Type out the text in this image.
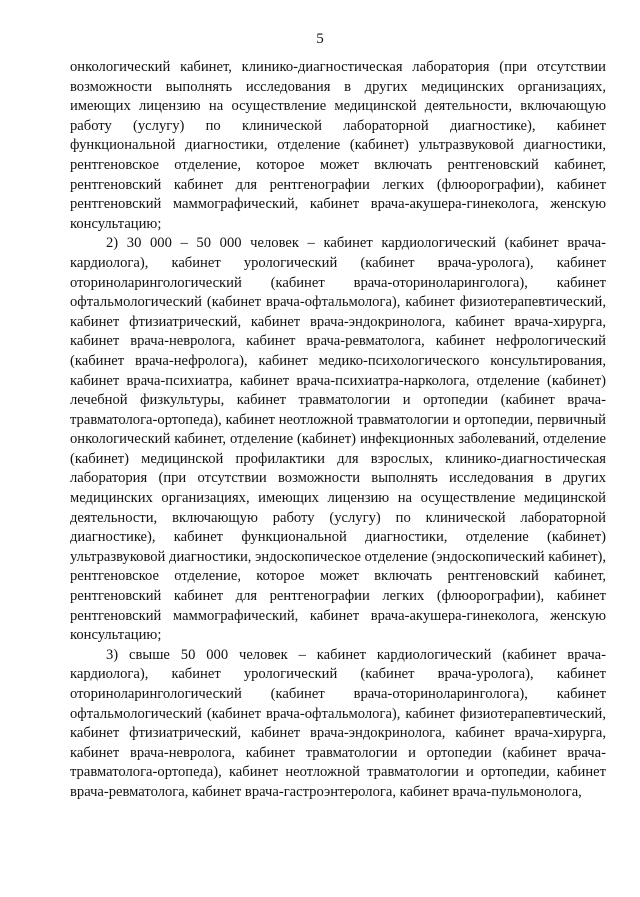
5

онкологический кабинет, клинико-диагностическая лаборатория (при отсутствии возможности выполнять исследования в других медицинских организациях, имеющих лицензию на осуществление медицинской деятельности, включающую работу (услугу) по клинической лабораторной диагностике), кабинет функциональной диагностики, отделение (кабинет) ультразвуковой диагностики, рентгеновское отделение, которое может включать рентгеновский кабинет, рентгеновский кабинет для рентгенографии легких (флюорографии), кабинет рентгеновский маммографический, кабинет врача-акушера-гинеколога, женскую консультацию;

2) 30 000 – 50 000 человек – кабинет кардиологический (кабинет врача-кардиолога), кабинет урологический (кабинет врача-уролога), кабинет оториноларингологический (кабинет врача-оториноларинголога), кабинет офтальмологический (кабинет врача-офтальмолога), кабинет физиотерапевтический, кабинет фтизиатрический, кабинет врача-эндокринолога, кабинет врача-хирурга, кабинет врача-невролога, кабинет врача-ревматолога, кабинет нефрологический (кабинет врача-нефролога), кабинет медико-психологического консультирования, кабинет врача-психиатра, кабинет врача-психиатра-нарколога, отделение (кабинет) лечебной физкультуры, кабинет травматологии и ортопедии (кабинет врача-травматолога-ортопеда), кабинет неотложной травматологии и ортопедии, первичный онкологический кабинет, отделение (кабинет) инфекционных заболеваний, отделение (кабинет) медицинской профилактики для взрослых, клинико-диагностическая лаборатория (при отсутствии возможности выполнять исследования в других медицинских организациях, имеющих лицензию на осуществление медицинской деятельности, включающую работу (услугу) по клинической лабораторной диагностике), кабинет функциональной диагностики, отделение (кабинет) ультразвуковой диагностики, эндоскопическое отделение (эндоскопический кабинет), рентгеновское отделение, которое может включать рентгеновский кабинет, рентгеновский кабинет для рентгенографии легких (флюорографии), кабинет рентгеновский маммографический, кабинет врача-акушера-гинеколога, женскую консультацию;

3) свыше 50 000 человек – кабинет кардиологический (кабинет врача-кардиолога), кабинет урологический (кабинет врача-уролога), кабинет оториноларингологический (кабинет врача-оториноларинголога), кабинет офтальмологический (кабинет врача-офтальмолога), кабинет физиотерапевтический, кабинет фтизиатрический, кабинет врача-эндокринолога, кабинет врача-хирурга, кабинет врача-невролога, кабинет травматологии и ортопедии (кабинет врача-травматолога-ортопеда), кабинет неотложной травматологии и ортопедии, кабинет врача-ревматолога, кабинет врача-гастроэнтеролога, кабинет врача-пульмонолога,
